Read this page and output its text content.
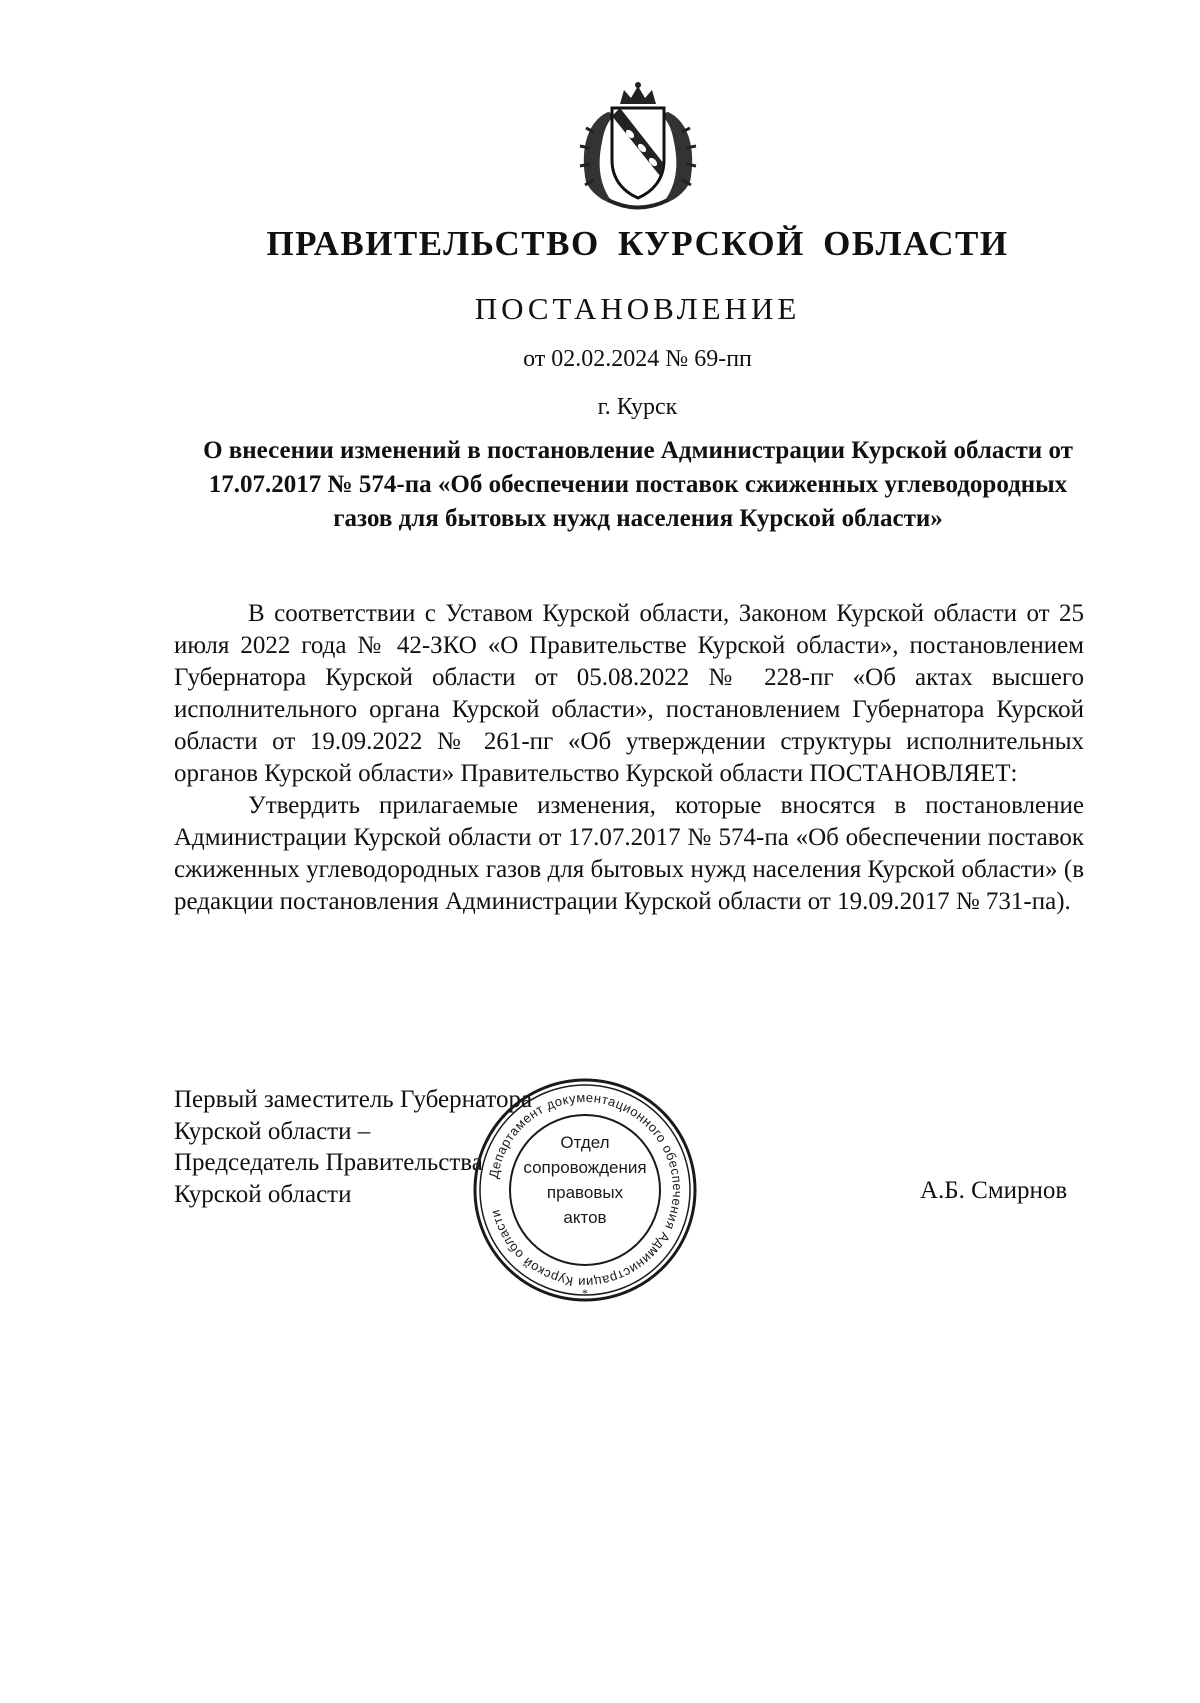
ПРАВИТЕЛЬСТВО КУРСКОЙ ОБЛАСТИ
ПОСТАНОВЛЕНИЕ
от 02.02.2024 № 69-пп
г. Курск
О внесении изменений в постановление Администрации Курской области от 17.07.2017 № 574-па «Об обеспечении поставок сжиженных углеводородных газов для бытовых нужд населения Курской области»

В соответствии с Уставом Курской области, Законом Курской области от 25 июля 2022 года № 42-ЗКО «О Правительстве Курской области», постановлением Губернатора Курской области от 05.08.2022 № 228-пг «Об актах высшего исполнительного органа Курской области», постановлением Губернатора Курской области от 19.09.2022 № 261-пг «Об утверждении структуры исполнительных органов Курской области» Правительство Курской области ПОСТАНОВЛЯЕТ:

Утвердить прилагаемые изменения, которые вносятся в постановление Администрации Курской области от 17.07.2017 № 574-па «Об обеспечении поставок сжиженных углеводородных газов для бытовых нужд населения Курской области» (в редакции постановления Администрации Курской области от 19.09.2017 № 731-па).

Первый заместитель Губернатора
Курской области –
Председатель Правительства
Курской области
Департамент документационного обеспечения Администрации Курской области
*
Отдел
сопровождения
правовых
актов
А.Б. Смирнов
